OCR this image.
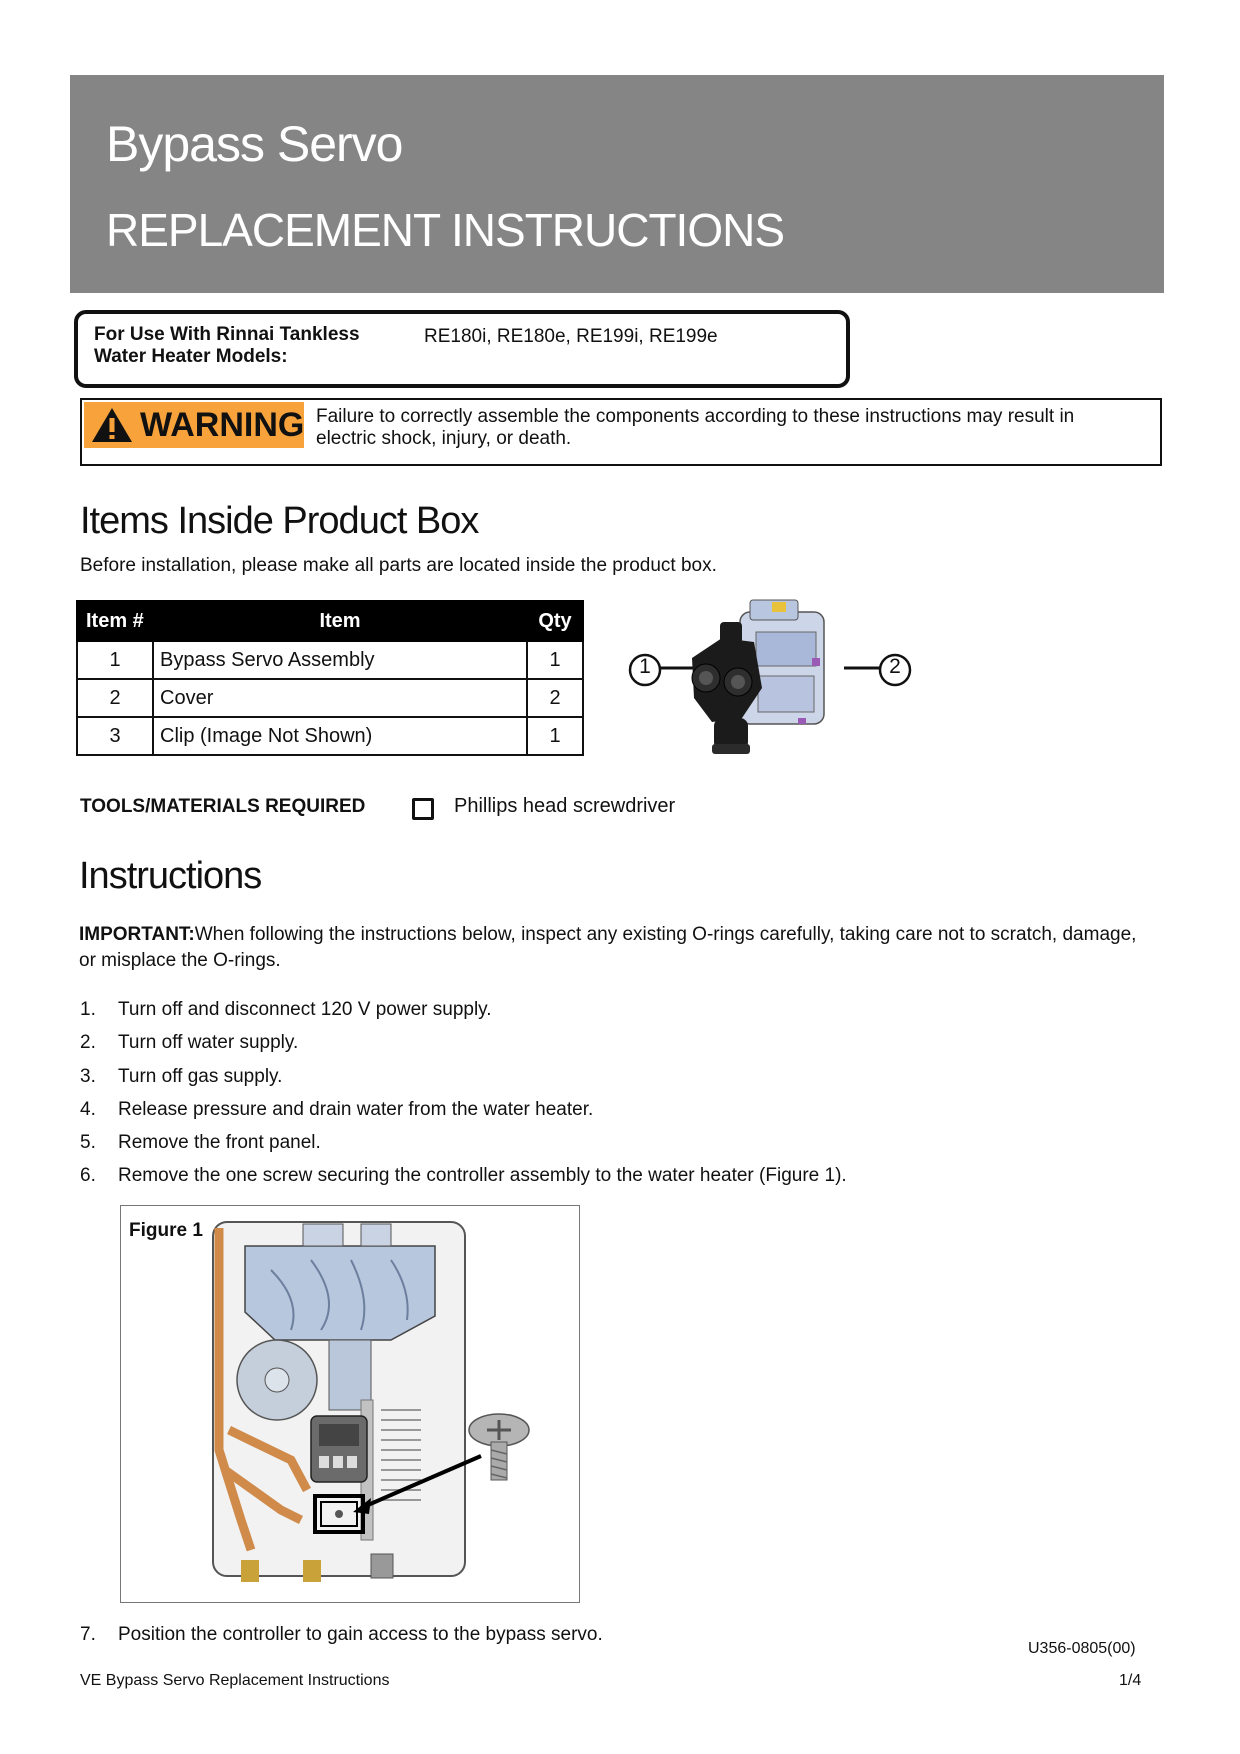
Bypass Servo
REPLACEMENT INSTRUCTIONS
For Use With Rinnai Tankless Water Heater Models:
RE180i, RE180e, RE199i, RE199e
WARNING Failure to correctly assemble the components according to these instructions may result in electric shock, injury, or death.
Items Inside Product Box
Before installation, please make all parts are located inside the product box.
Item #	Item	Qty
1	Bypass Servo Assembly	1
2	Cover	2
3	Clip (Image Not Shown)	1
1	2
TOOLS/MATERIALS REQUIRED	Phillips head screwdriver
Instructions
IMPORTANT:When following the instructions below, inspect any existing O-rings carefully, taking care not to scratch, damage, or misplace the O-rings.
1.	Turn off and disconnect 120 V power supply.
2.	Turn off water supply.
3.	Turn off gas supply.
4.	Release pressure and drain water from the water heater.
5.	Remove the front panel.
6.	Remove the one screw securing the controller assembly to the water heater (Figure 1).
Figure 1
7.	Position the controller to gain access to the bypass servo.
U356-0805(00)
VE Bypass Servo Replacement Instructions	1/4
